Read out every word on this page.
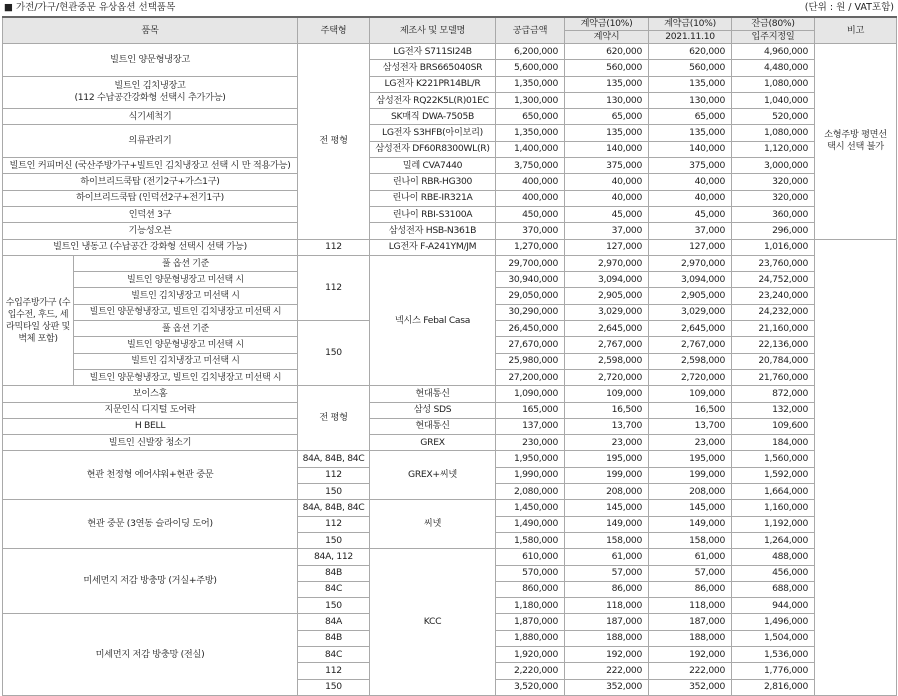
■ 가전/가구/현관중문 유상옵션 선택품목	(단위 : 원 / VAT포함)
품목		주택형	제조사 및 모델명	공급금액	계약금(10%)	계약금(10%)	잔금(80%)	비고
					계약시	2021.11.10	입주지정일	
빌트인 양문형냉장고		전 평형	LG전자 S711SI24B	6,200,000	620,000	620,000	4,960,000	소형주방 평면선택시 선택 불가
			삼성전자 BRS665040SR	5,600,000	560,000	560,000	4,480,000	
빌트인 김치냉장고
(112 수납공간강화형 선택시 추가가능)			LG전자 K221PR14BL/R	1,350,000	135,000	135,000	1,080,000	
			삼성전자 RQ22K5L(R)01EC	1,300,000	130,000	130,000	1,040,000	
식기세척기			SK매직 DWA-7505B	650,000	65,000	65,000	520,000	
의류관리기			LG전자 S3HFB(아이보리)	1,350,000	135,000	135,000	1,080,000	
			삼성전자 DF60R8300WL(R)	1,400,000	140,000	140,000	1,120,000	
빌트인 커피머신 (국산주방가구+빌트인 김치냉장고 선택 시 만 적용가능)			밀레 CVA7440	3,750,000	375,000	375,000	3,000,000	
하이브리드쿡탑 (전기2구+가스1구)			린나이 RBR-HG300	400,000	40,000	40,000	320,000	
하이브리드쿡탑 (인덕션2구+전기1구)			린나이 RBE-IR321A	400,000	40,000	40,000	320,000	
인덕션 3구			린나이 RBI-S3100A	450,000	45,000	45,000	360,000	
기능성오븐			삼성전자 HSB-N361B	370,000	37,000	37,000	296,000	
빌트인 냉동고 (수납공간 강화형 선택시 선택 가능)		112	LG전자 F-A241YM/JM	1,270,000	127,000	127,000	1,016,000	
수입주방가구 (수입수전, 후드, 세라믹타일 상판 및 벽체 포함)	풀 옵션 기준	112	넥시스 Febal Casa	29,700,000	2,970,000	2,970,000	23,760,000	
	빌트인 양문형냉장고 미선택 시			30,940,000	3,094,000	3,094,000	24,752,000	
	빌트인 김치냉장고 미선택 시			29,050,000	2,905,000	2,905,000	23,240,000	
	빌트인 양문형냉장고, 빌트인 김치냉장고 미선택 시			30,290,000	3,029,000	3,029,000	24,232,000	
	풀 옵션 기준	150		26,450,000	2,645,000	2,645,000	21,160,000	
	빌트인 양문형냉장고 미선택 시			27,670,000	2,767,000	2,767,000	22,136,000	
	빌트인 김치냉장고 미선택 시			25,980,000	2,598,000	2,598,000	20,784,000	
	빌트인 양문형냉장고, 빌트인 김치냉장고 미선택 시			27,200,000	2,720,000	2,720,000	21,760,000	
보이스홈		전 평형	현대통신	1,090,000	109,000	109,000	872,000	
지문인식 디지털 도어락			삼성 SDS	165,000	16,500	16,500	132,000	
H BELL			현대통신	137,000	13,700	13,700	109,600	
빌트인 신발장 청소기			GREX	230,000	23,000	23,000	184,000	
현관 천정형 에어샤워+현관 중문		84A, 84B, 84C	GREX+씨넷	1,950,000	195,000	195,000	1,560,000	
		112		1,990,000	199,000	199,000	1,592,000	
		150		2,080,000	208,000	208,000	1,664,000	
현관 중문 (3연동 슬라이딩 도어)		84A, 84B, 84C	씨넷	1,450,000	145,000	145,000	1,160,000	
		112		1,490,000	149,000	149,000	1,192,000	
		150		1,580,000	158,000	158,000	1,264,000	
미세먼지 저감 방충망 (거실+주방)		84A, 112	KCC	610,000	61,000	61,000	488,000	
		84B		570,000	57,000	57,000	456,000	
		84C		860,000	86,000	86,000	688,000	
		150		1,180,000	118,000	118,000	944,000	
미세먼지 저감 방충망 (전실)		84A		1,870,000	187,000	187,000	1,496,000	
		84B		1,880,000	188,000	188,000	1,504,000	
		84C		1,920,000	192,000	192,000	1,536,000	
		112		2,220,000	222,000	222,000	1,776,000	
		150		3,520,000	352,000	352,000	2,816,000	
